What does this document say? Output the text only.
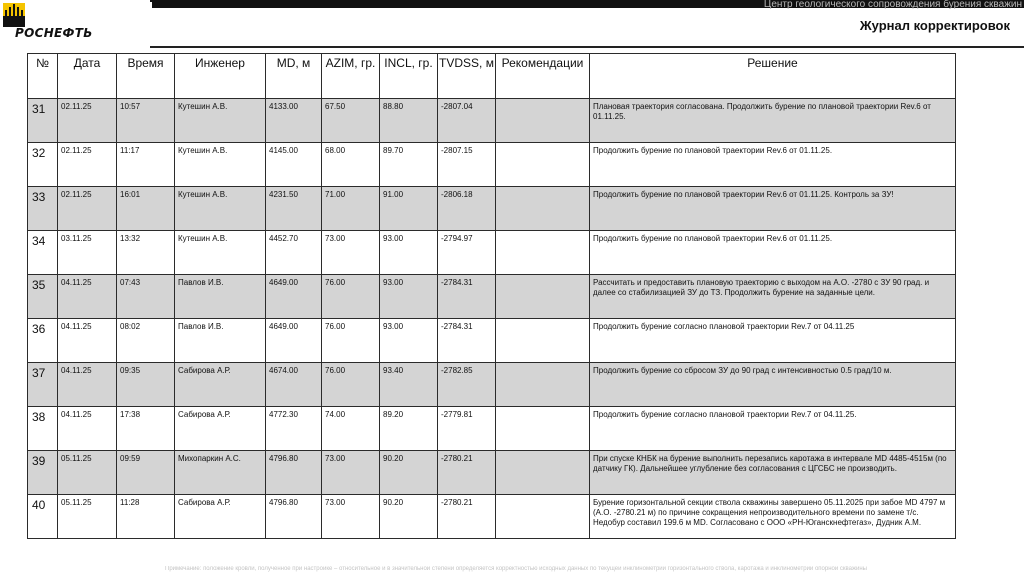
Центр геологического сопровождения бурения скважин
РОСНЕФТЬ	Журнал корректировок
№	Дата	Время	Инженер	MD, м	AZIM, гр.	INCL, гр.	TVDSS, м	Рекомендации	Решение
31	02.11.25	10:57	Кутешин А.В.	4133.00	67.50	88.80	-2807.04		Плановая траектория согласована. Продолжить бурение по плановой траектории Rev.6 от 01.11.25.
32	02.11.25	11:17	Кутешин А.В.	4145.00	68.00	89.70	-2807.15		Продолжить бурение по плановой траектории Rev.6 от 01.11.25.
33	02.11.25	16:01	Кутешин А.В.	4231.50	71.00	91.00	-2806.18		Продолжить бурение по плановой траектории Rev.6 от 01.11.25. Контроль за ЗУ!
34	03.11.25	13:32	Кутешин А.В.	4452.70	73.00	93.00	-2794.97		Продолжить бурение по плановой траектории Rev.6 от 01.11.25.
35	04.11.25	07:43	Павлов И.В.	4649.00	76.00	93.00	-2784.31		Рассчитать и предоставить плановую траекторию с выходом на А.О. -2780 с ЗУ 90 град. и далее со стабилизацией ЗУ до ТЗ. Продолжить бурение на заданные цели.
36	04.11.25	08:02	Павлов И.В.	4649.00	76.00	93.00	-2784.31		Продолжить бурение согласно плановой траектории Rev.7 от 04.11.25
37	04.11.25	09:35	Сабирова А.Р.	4674.00	76.00	93.40	-2782.85		Продолжить бурение со сбросом ЗУ до 90 град с интенсивностью 0.5 град/10 м.
38	04.11.25	17:38	Сабирова А.Р.	4772.30	74.00	89.20	-2779.81		Продолжить бурение согласно плановой траектории Rev.7 от 04.11.25.
39	05.11.25	09:59	Михопаркин А.С.	4796.80	73.00	90.20	-2780.21		При спуске КНБК на бурение выполнить перезапись каротажа в интервале MD 4485-4515м (по датчику ГК). Дальнейшее углубление без согласования с ЦГСБС не производить.
40	05.11.25	11:28	Сабирова А.Р.	4796.80	73.00	90.20	-2780.21		Бурение горизонтальной секции ствола скважины завершено 05.11.2025 при забое MD 4797 м (А.О. -2780.21 м) по причине сокращения непроизводительного времени по замене т/с. Недобур составил 199.6 м MD. Согласовано с ООО «РН-Юганскнефтегаз», Дудник А.М.
Примечание: положение кровли, полученное при настройке – относительное и в значительной степени определяется корректностью исходных данных по текущей инклинометрии горизонтального ствола, каротажа и инклинометрии опорной скважины
